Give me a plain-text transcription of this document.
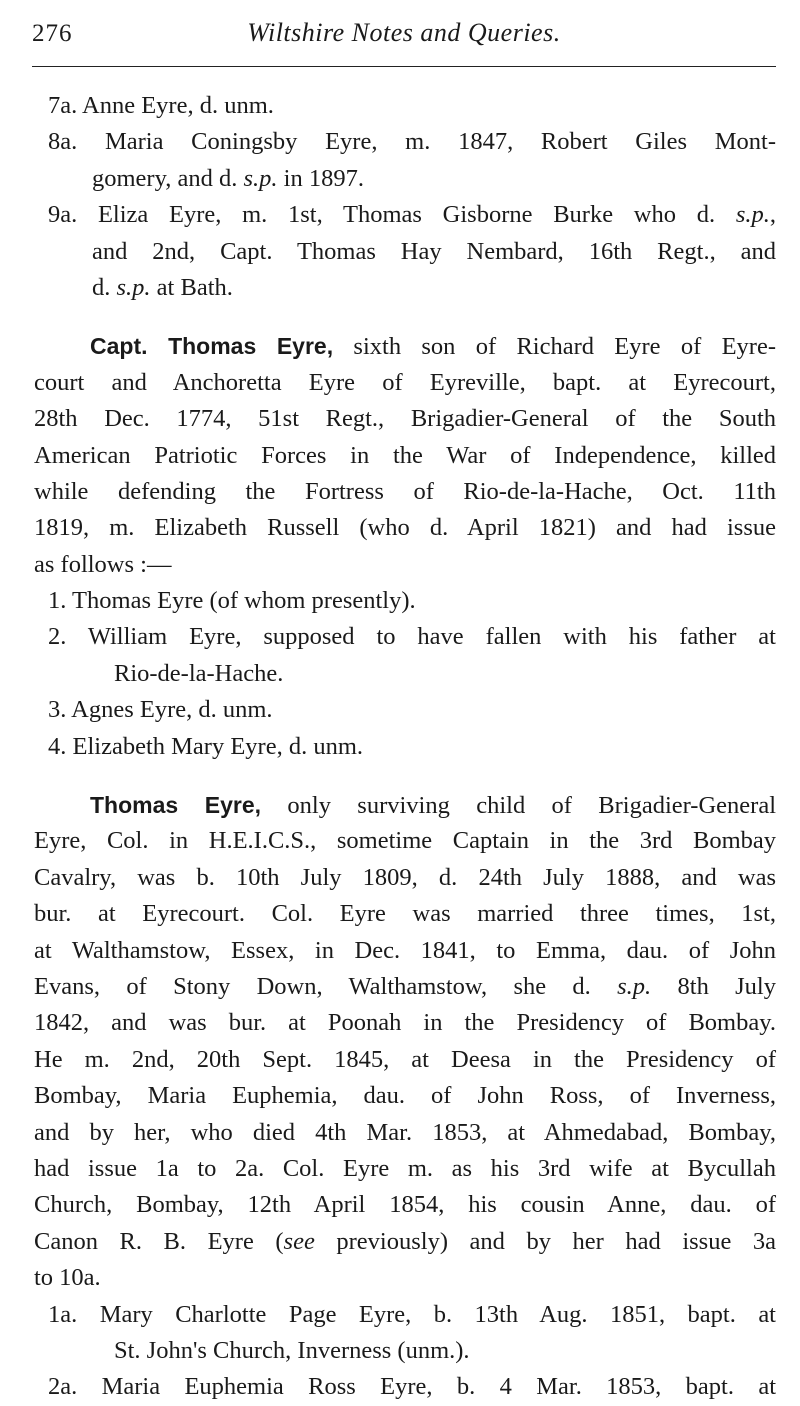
276	Wiltshire Notes and Queries.
7a. Anne Eyre, d. unm.
8a. Maria Coningsby Eyre, m. 1847, Robert Giles Mont-
gomery, and d. s.p. in 1897.
9a. Eliza Eyre, m. 1st, Thomas Gisborne Burke who d. s.p.,
and 2nd, Capt. Thomas Hay Nembard, 16th Regt., and
d. s.p. at Bath.
Capt. Thomas Eyre, sixth son of Richard Eyre of Eyre-
court and Anchoretta Eyre of Eyreville, bapt. at Eyrecourt,
28th Dec. 1774, 51st Regt., Brigadier-General of the South
American Patriotic Forces in the War of Independence, killed
while defending the Fortress of Rio-de-la-Hache, Oct. 11th
1819, m. Elizabeth Russell (who d. April 1821) and had issue
as follows :—
1. Thomas Eyre (of whom presently).
2. William Eyre, supposed to have fallen with his father at
Rio-de-la-Hache.
3. Agnes Eyre, d. unm.
4. Elizabeth Mary Eyre, d. unm.
Thomas Eyre, only surviving child of Brigadier-General
Eyre, Col. in H.E.I.C.S., sometime Captain in the 3rd Bombay
Cavalry, was b. 10th July 1809, d. 24th July 1888, and was
bur. at Eyrecourt. Col. Eyre was married three times, 1st,
at Walthamstow, Essex, in Dec. 1841, to Emma, dau. of John
Evans, of Stony Down, Walthamstow, she d. s.p. 8th July
1842, and was bur. at Poonah in the Presidency of Bombay.
He m. 2nd, 20th Sept. 1845, at Deesa in the Presidency of
Bombay, Maria Euphemia, dau. of John Ross, of Inverness,
and by her, who died 4th Mar. 1853, at Ahmedabad, Bombay,
had issue 1a to 2a. Col. Eyre m. as his 3rd wife at Bycullah
Church, Bombay, 12th April 1854, his cousin Anne, dau. of
Canon R. B. Eyre (see previously) and by her had issue 3a
to 10a.
1a. Mary Charlotte Page Eyre, b. 13th Aug. 1851, bapt. at
St. John's Church, Inverness (unm.).
2a. Maria Euphemia Ross Eyre, b. 4 Mar. 1853, bapt. at
